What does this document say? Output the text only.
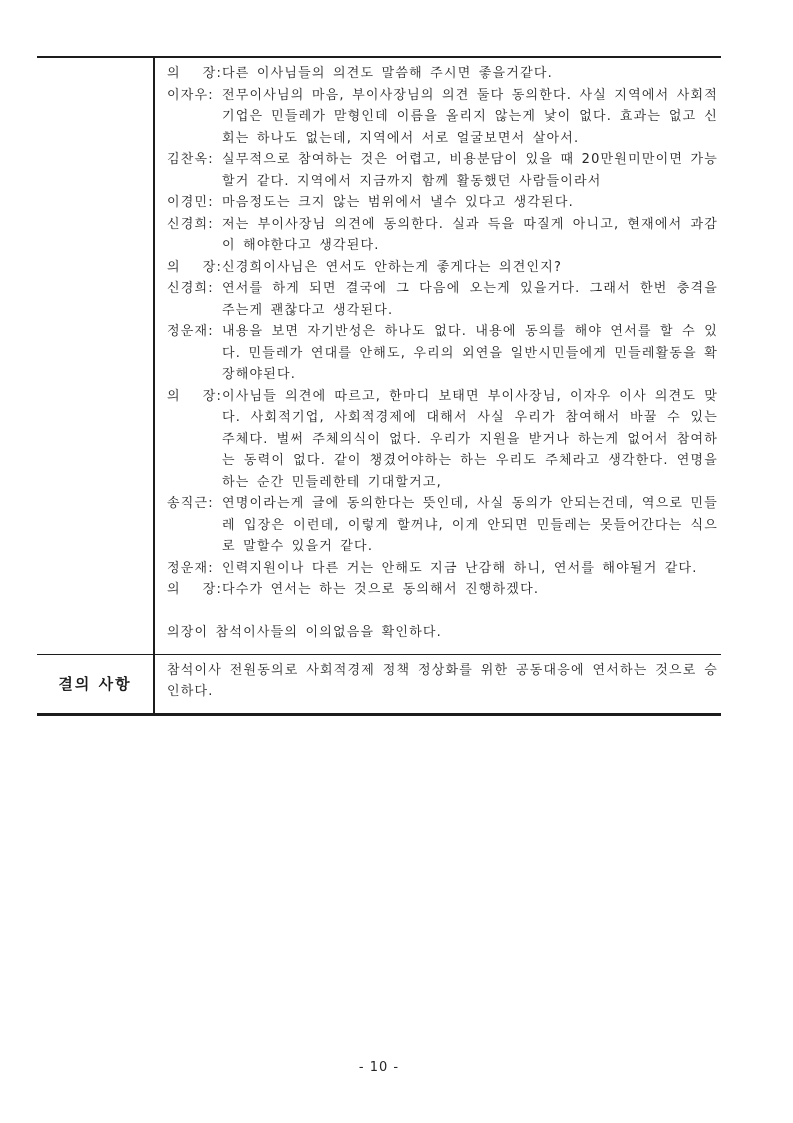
의   장:다른 이사님들의 의견도 말씀해 주시면 좋을거같다.

이자우: 전무이사님의 마음, 부이사장님의 의견 둘다 동의한다. 사실 지역에서 사회적기업은 민들레가 맏형인데 이름을 올리지 않는게 낯이 없다. 효과는 없고 신회는 하나도 없는데, 지역에서 서로 얼굴보면서 살아서.

김찬옥: 실무적으로 참여하는 것은 어렵고, 비용분담이 있을 때 20만원미만이면 가능할거 같다. 지역에서 지금까지 함께 활동했던 사람들이라서

이경민: 마음정도는 크지 않는 범위에서 낼수 있다고 생각된다.

신경희: 저는 부이사장님 의견에 동의한다. 실과 득을 따질게 아니고, 현재에서 과감이 해야한다고 생각된다.

의   장:신경희이사님은 연서도 안하는게 좋게다는 의견인지?

신경희: 연서를 하게 되면 결국에 그 다음에 오는게 있을거다. 그래서 한번 충격을 주는게 괜찮다고 생각된다.

정운재: 내용을 보면 자기반성은 하나도 없다. 내용에 동의를 해야 연서를 할 수 있다. 민들레가 연대를 안해도, 우리의 외연을 일반시민들에게 민들레활동을 확장해야된다.

의   장:이사님들 의견에 따르고, 한마디 보태면 부이사장님, 이자우 이사 의견도 맞다. 사회적기업, 사회적경제에 대해서 사실 우리가 참여해서 바꿀 수 있는 주체다. 벌써 주체의식이 없다. 우리가 지원을 받거나 하는게 없어서 참여하는 동력이 없다. 같이 챙겼어야하는 하는 우리도 주체라고 생각한다. 연명을 하는 순간 민들레한테 기대할거고,

송직근: 연명이라는게 글에 동의한다는 뜻인데, 사실 동의가 안되는건데, 역으로 민들레 입장은 이런데, 이렇게 할꺼냐, 이게 안되면 민들레는 못들어간다는 식으로 말할수 있을거 같다.

정운재: 인력지원이나 다른 거는 안해도 지금 난감해 하니, 연서를 해야될거 같다.

의   장:다수가 연서는 하는 것으로 동의해서 진행하겠다.

의장이 참석이사들의 이의없음을 확인하다.

결의 사항

참석이사 전원동의로 사회적경제 정책 정상화를 위한 공동대응에 연서하는 것으로 승인하다.

- 10 -
